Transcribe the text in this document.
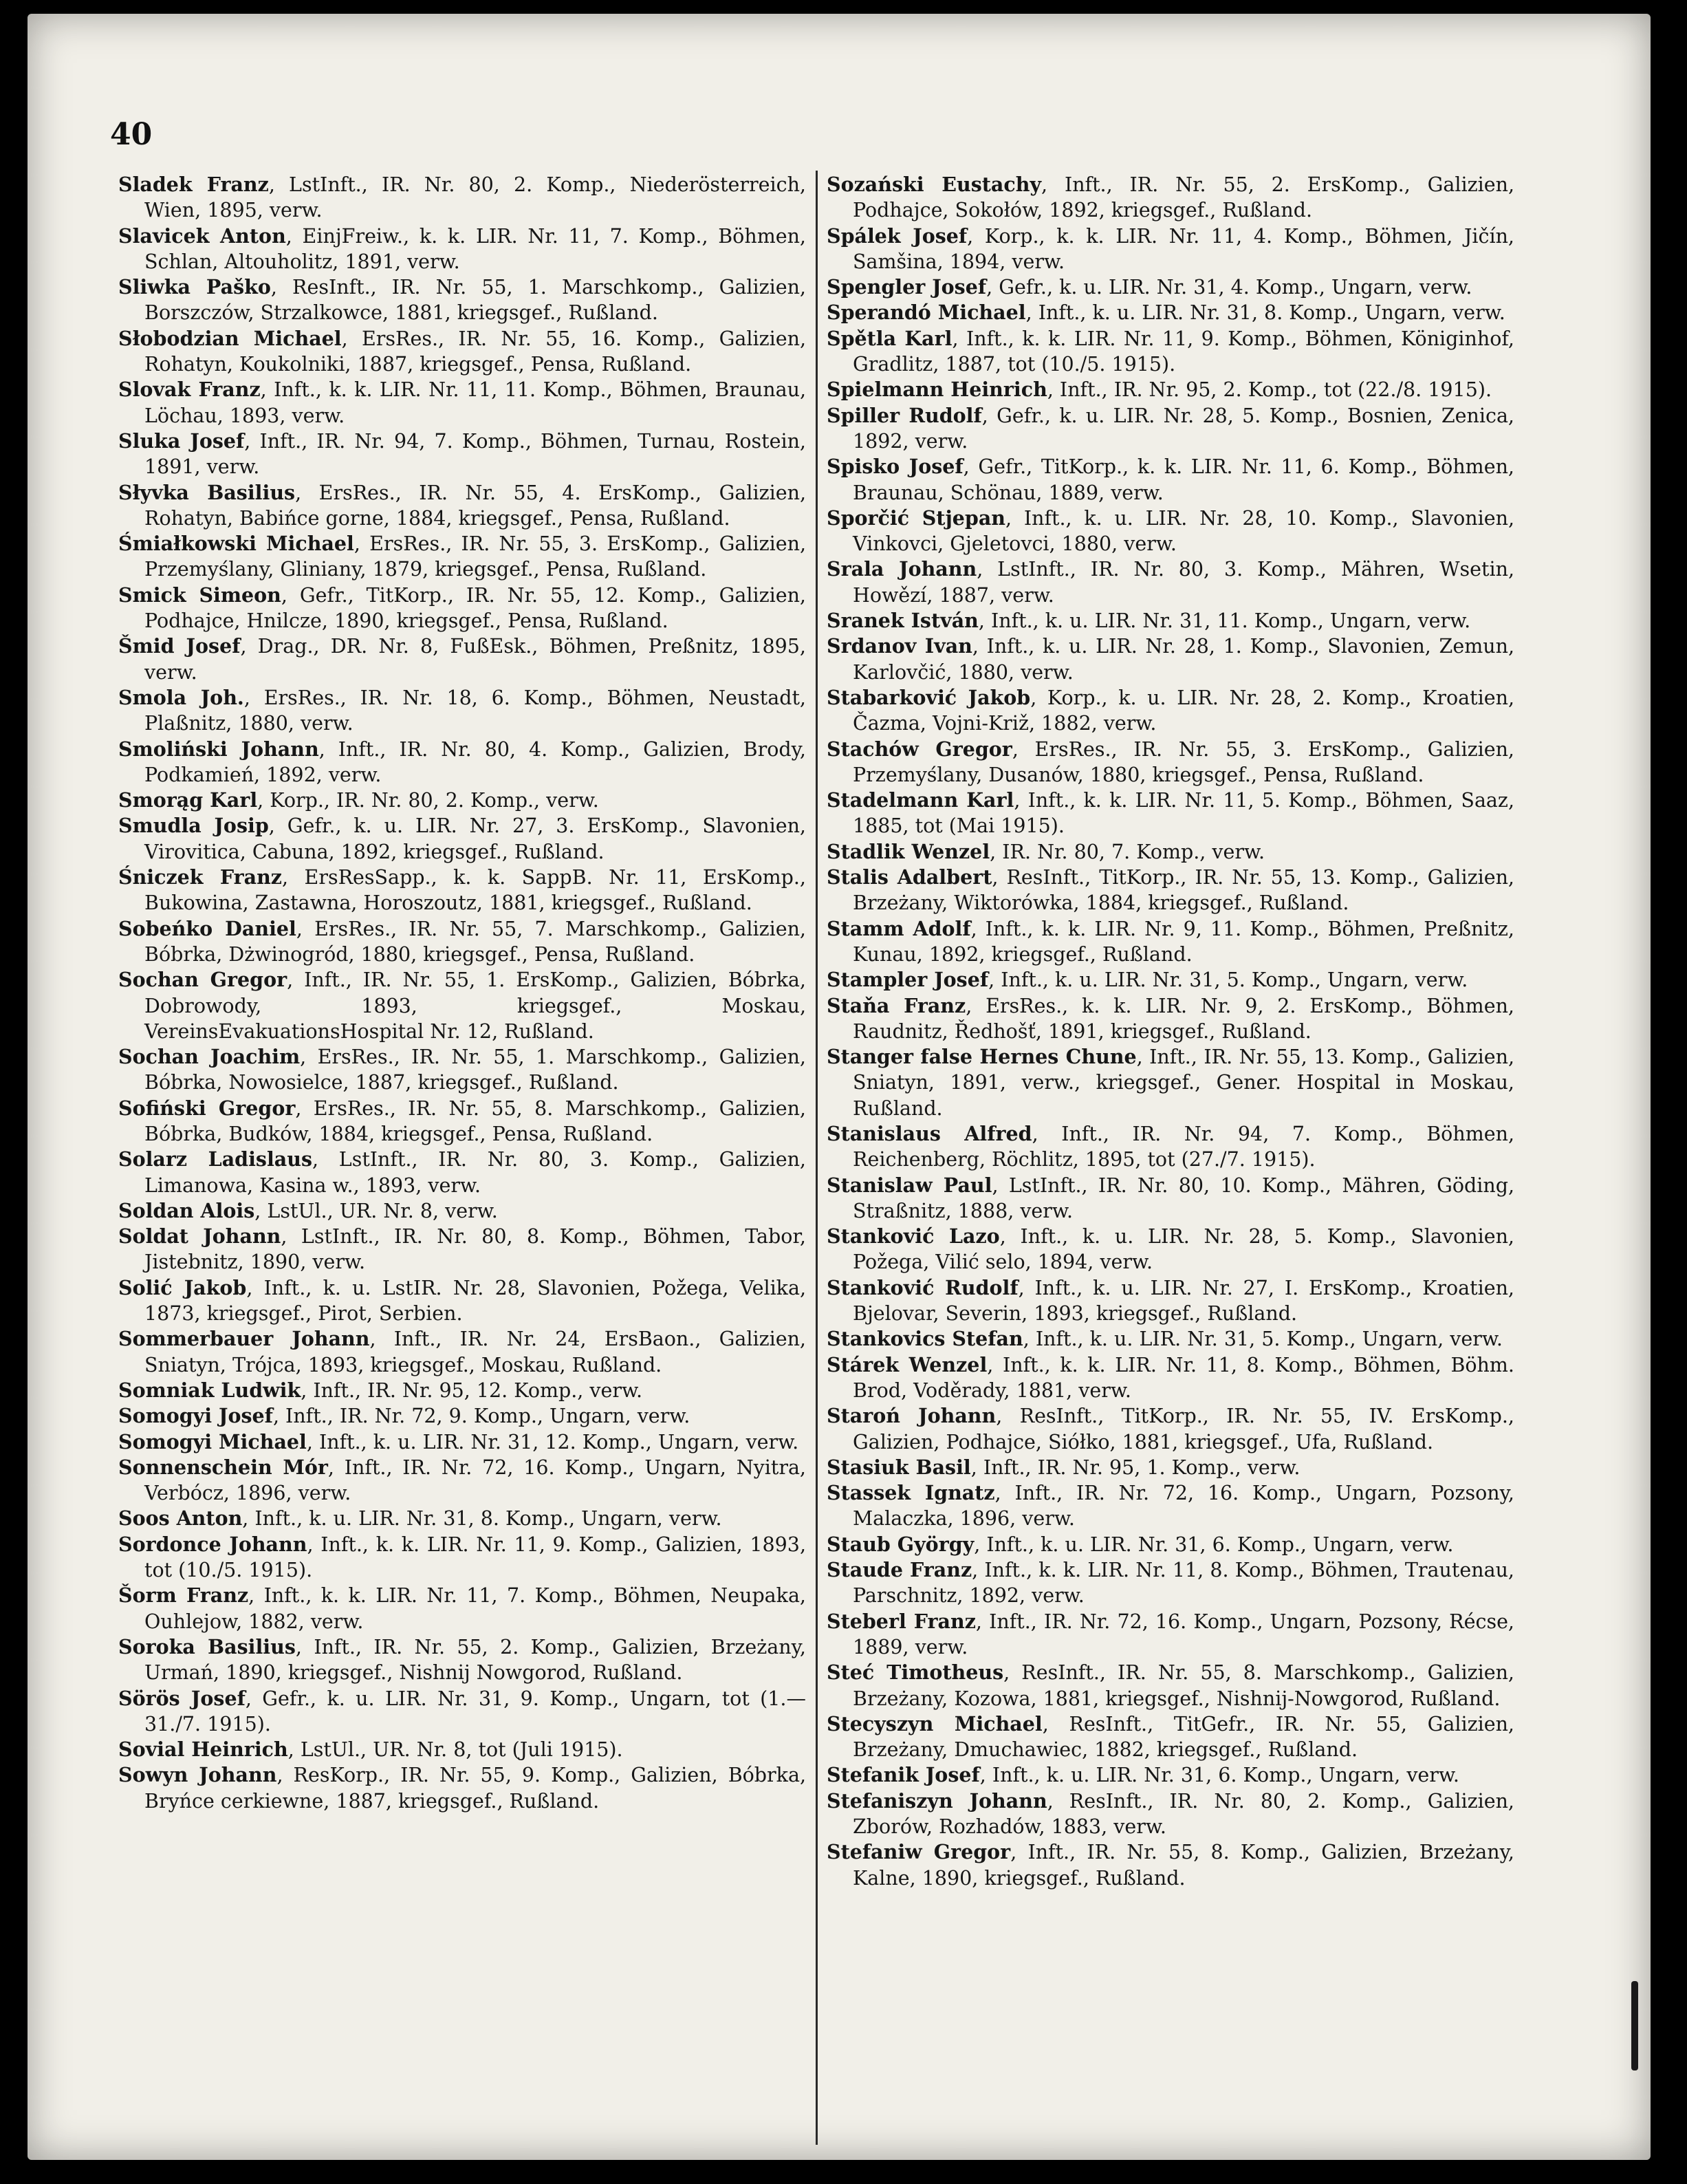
40

Sladek Franz, LstInft., IR. Nr. 80, 2. Komp., Niederösterreich, Wien, 1895, verw.

Slavicek Anton, EinjFreiw., k. k. LIR. Nr. 11, 7. Komp., Böhmen, Schlan, Altouholitz, 1891, verw.

Sliwka Paško, ResInft., IR. Nr. 55, 1. Marschkomp., Galizien, Borszczów, Strzalkowce, 1881, kriegsgef., Rußland.

Słobodzian Michael, ErsRes., IR. Nr. 55, 16. Komp., Galizien, Rohatyn, Koukolniki, 1887, kriegsgef., Pensa, Rußland.

Slovak Franz, Inft., k. k. LIR. Nr. 11, 11. Komp., Böhmen, Braunau, Löchau, 1893, verw.

Sluka Josef, Inft., IR. Nr. 94, 7. Komp., Böhmen, Turnau, Rostein, 1891, verw.

Słyvka Basilius, ErsRes., IR. Nr. 55, 4. ErsKomp., Galizien, Rohatyn, Babińce gorne, 1884, kriegsgef., Pensa, Rußland.

Śmiałkowski Michael, ErsRes., IR. Nr. 55, 3. ErsKomp., Galizien, Przemyślany, Gliniany, 1879, kriegsgef., Pensa, Rußland.

Smick Simeon, Gefr., TitKorp., IR. Nr. 55, 12. Komp., Galizien, Podhajce, Hnilcze, 1890, kriegsgef., Pensa, Rußland.

Šmid Josef, Drag., DR. Nr. 8, FußEsk., Böhmen, Preßnitz, 1895, verw.

Smola Joh., ErsRes., IR. Nr. 18, 6. Komp., Böhmen, Neustadt, Plaßnitz, 1880, verw.

Smoliński Johann, Inft., IR. Nr. 80, 4. Komp., Galizien, Brody, Podkamień, 1892, verw.

Smorąg Karl, Korp., IR. Nr. 80, 2. Komp., verw.

Smudla Josip, Gefr., k. u. LIR. Nr. 27, 3. ErsKomp., Slavonien, Virovitica, Cabuna, 1892, kriegsgef., Rußland.

Śniczek Franz, ErsResSapp., k. k. SappB. Nr. 11, ErsKomp., Bukowina, Zastawna, Horoszoutz, 1881, kriegsgef., Rußland.

Sobeńko Daniel, ErsRes., IR. Nr. 55, 7. Marschkomp., Galizien, Bóbrka, Dżwinogród, 1880, kriegsgef., Pensa, Rußland.

Sochan Gregor, Inft., IR. Nr. 55, 1. ErsKomp., Galizien, Bóbrka, Dobrowody, 1893, kriegsgef., Moskau, VereinsEvakuationsHospital Nr. 12, Rußland.

Sochan Joachim, ErsRes., IR. Nr. 55, 1. Marschkomp., Galizien, Bóbrka, Nowosielce, 1887, kriegsgef., Rußland.

Sofiński Gregor, ErsRes., IR. Nr. 55, 8. Marschkomp., Galizien, Bóbrka, Budków, 1884, kriegsgef., Pensa, Rußland.

Solarz Ladislaus, LstInft., IR. Nr. 80, 3. Komp., Galizien, Limanowa, Kasina w., 1893, verw.

Soldan Alois, LstUl., UR. Nr. 8, verw.

Soldat Johann, LstInft., IR. Nr. 80, 8. Komp., Böhmen, Tabor, Jistebnitz, 1890, verw.

Solić Jakob, Inft., k. u. LstIR. Nr. 28, Slavonien, Požega, Velika, 1873, kriegsgef., Pirot, Serbien.

Sommerbauer Johann, Inft., IR. Nr. 24, ErsBaon., Galizien, Sniatyn, Trójca, 1893, kriegsgef., Moskau, Rußland.

Somniak Ludwik, Inft., IR. Nr. 95, 12. Komp., verw.

Somogyi Josef, Inft., IR. Nr. 72, 9. Komp., Ungarn, verw.

Somogyi Michael, Inft., k. u. LIR. Nr. 31, 12. Komp., Ungarn, verw.

Sonnenschein Mór, Inft., IR. Nr. 72, 16. Komp., Ungarn, Nyitra, Verbócz, 1896, verw.

Soos Anton, Inft., k. u. LIR. Nr. 31, 8. Komp., Ungarn, verw.

Sordonce Johann, Inft., k. k. LIR. Nr. 11, 9. Komp., Galizien, 1893, tot (10./5. 1915).

Šorm Franz, Inft., k. k. LIR. Nr. 11, 7. Komp., Böhmen, Neupaka, Ouhlejow, 1882, verw.

Soroka Basilius, Inft., IR. Nr. 55, 2. Komp., Galizien, Brzeżany, Urmań, 1890, kriegsgef., Nishnij Nowgorod, Rußland.

Sörös Josef, Gefr., k. u. LIR. Nr. 31, 9. Komp., Ungarn, tot (1.—31./7. 1915).

Sovial Heinrich, LstUl., UR. Nr. 8, tot (Juli 1915).

Sowyn Johann, ResKorp., IR. Nr. 55, 9. Komp., Galizien, Bóbrka, Bryńce cerkiewne, 1887, kriegsgef., Rußland.

Sozański Eustachy, Inft., IR. Nr. 55, 2. ErsKomp., Galizien, Podhajce, Sokołów, 1892, kriegsgef., Rußland.

Spálek Josef, Korp., k. k. LIR. Nr. 11, 4. Komp., Böhmen, Jičín, Samšina, 1894, verw.

Spengler Josef, Gefr., k. u. LIR. Nr. 31, 4. Komp., Ungarn, verw.

Sperandó Michael, Inft., k. u. LIR. Nr. 31, 8. Komp., Ungarn, verw.

Spětla Karl, Inft., k. k. LIR. Nr. 11, 9. Komp., Böhmen, Königinhof, Gradlitz, 1887, tot (10./5. 1915).

Spielmann Heinrich, Inft., IR. Nr. 95, 2. Komp., tot (22./8. 1915).

Spiller Rudolf, Gefr., k. u. LIR. Nr. 28, 5. Komp., Bosnien, Zenica, 1892, verw.

Spisko Josef, Gefr., TitKorp., k. k. LIR. Nr. 11, 6. Komp., Böhmen, Braunau, Schönau, 1889, verw.

Sporčić Stjepan, Inft., k. u. LIR. Nr. 28, 10. Komp., Slavonien, Vinkovci, Gjeletovci, 1880, verw.

Srala Johann, LstInft., IR. Nr. 80, 3. Komp., Mähren, Wsetin, Howězí, 1887, verw.

Sranek István, Inft., k. u. LIR. Nr. 31, 11. Komp., Ungarn, verw.

Srdanov Ivan, Inft., k. u. LIR. Nr. 28, 1. Komp., Slavonien, Zemun, Karlovčić, 1880, verw.

Stabarković Jakob, Korp., k. u. LIR. Nr. 28, 2. Komp., Kroatien, Čazma, Vojni-Križ, 1882, verw.

Stachów Gregor, ErsRes., IR. Nr. 55, 3. ErsKomp., Galizien, Przemyślany, Dusanów, 1880, kriegsgef., Pensa, Rußland.

Stadelmann Karl, Inft., k. k. LIR. Nr. 11, 5. Komp., Böhmen, Saaz, 1885, tot (Mai 1915).

Stadlik Wenzel, IR. Nr. 80, 7. Komp., verw.

Stalis Adalbert, ResInft., TitKorp., IR. Nr. 55, 13. Komp., Galizien, Brzeżany, Wiktorówka, 1884, kriegsgef., Rußland.

Stamm Adolf, Inft., k. k. LIR. Nr. 9, 11. Komp., Böhmen, Preßnitz, Kunau, 1892, kriegsgef., Rußland.

Stampler Josef, Inft., k. u. LIR. Nr. 31, 5. Komp., Ungarn, verw.

Staňa Franz, ErsRes., k. k. LIR. Nr. 9, 2. ErsKomp., Böhmen, Raudnitz, Ředhošť, 1891, kriegsgef., Rußland.

Stanger false Hernes Chune, Inft., IR. Nr. 55, 13. Komp., Galizien, Sniatyn, 1891, verw., kriegsgef., Gener. Hospital in Moskau, Rußland.

Stanislaus Alfred, Inft., IR. Nr. 94, 7. Komp., Böhmen, Reichenberg, Röchlitz, 1895, tot (27./7. 1915).

Stanislaw Paul, LstInft., IR. Nr. 80, 10. Komp., Mähren, Göding, Straßnitz, 1888, verw.

Stanković Lazo, Inft., k. u. LIR. Nr. 28, 5. Komp., Slavonien, Požega, Vilić selo, 1894, verw.

Stanković Rudolf, Inft., k. u. LIR. Nr. 27, I. ErsKomp., Kroatien, Bjelovar, Severin, 1893, kriegsgef., Rußland.

Stankovics Stefan, Inft., k. u. LIR. Nr. 31, 5. Komp., Ungarn, verw.

Stárek Wenzel, Inft., k. k. LIR. Nr. 11, 8. Komp., Böhmen, Böhm. Brod, Voděrady, 1881, verw.

Staroń Johann, ResInft., TitKorp., IR. Nr. 55, IV. ErsKomp., Galizien, Podhajce, Siółko, 1881, kriegsgef., Ufa, Rußland.

Stasiuk Basil, Inft., IR. Nr. 95, 1. Komp., verw.

Stassek Ignatz, Inft., IR. Nr. 72, 16. Komp., Ungarn, Pozsony, Malaczka, 1896, verw.

Staub György, Inft., k. u. LIR. Nr. 31, 6. Komp., Ungarn, verw.

Staude Franz, Inft., k. k. LIR. Nr. 11, 8. Komp., Böhmen, Trautenau, Parschnitz, 1892, verw.

Steberl Franz, Inft., IR. Nr. 72, 16. Komp., Ungarn, Pozsony, Récse, 1889, verw.

Steć Timotheus, ResInft., IR. Nr. 55, 8. Marschkomp., Galizien, Brzeżany, Kozowa, 1881, kriegsgef., Nishnij-Nowgorod, Rußland.

Stecyszyn Michael, ResInft., TitGefr., IR. Nr. 55, Galizien, Brzeżany, Dmuchawiec, 1882, kriegsgef., Rußland.

Stefanik Josef, Inft., k. u. LIR. Nr. 31, 6. Komp., Ungarn, verw.

Stefaniszyn Johann, ResInft., IR. Nr. 80, 2. Komp., Galizien, Zborów, Rozhadów, 1883, verw.

Stefaniw Gregor, Inft., IR. Nr. 55, 8. Komp., Galizien, Brzeżany, Kalne, 1890, kriegsgef., Rußland.
